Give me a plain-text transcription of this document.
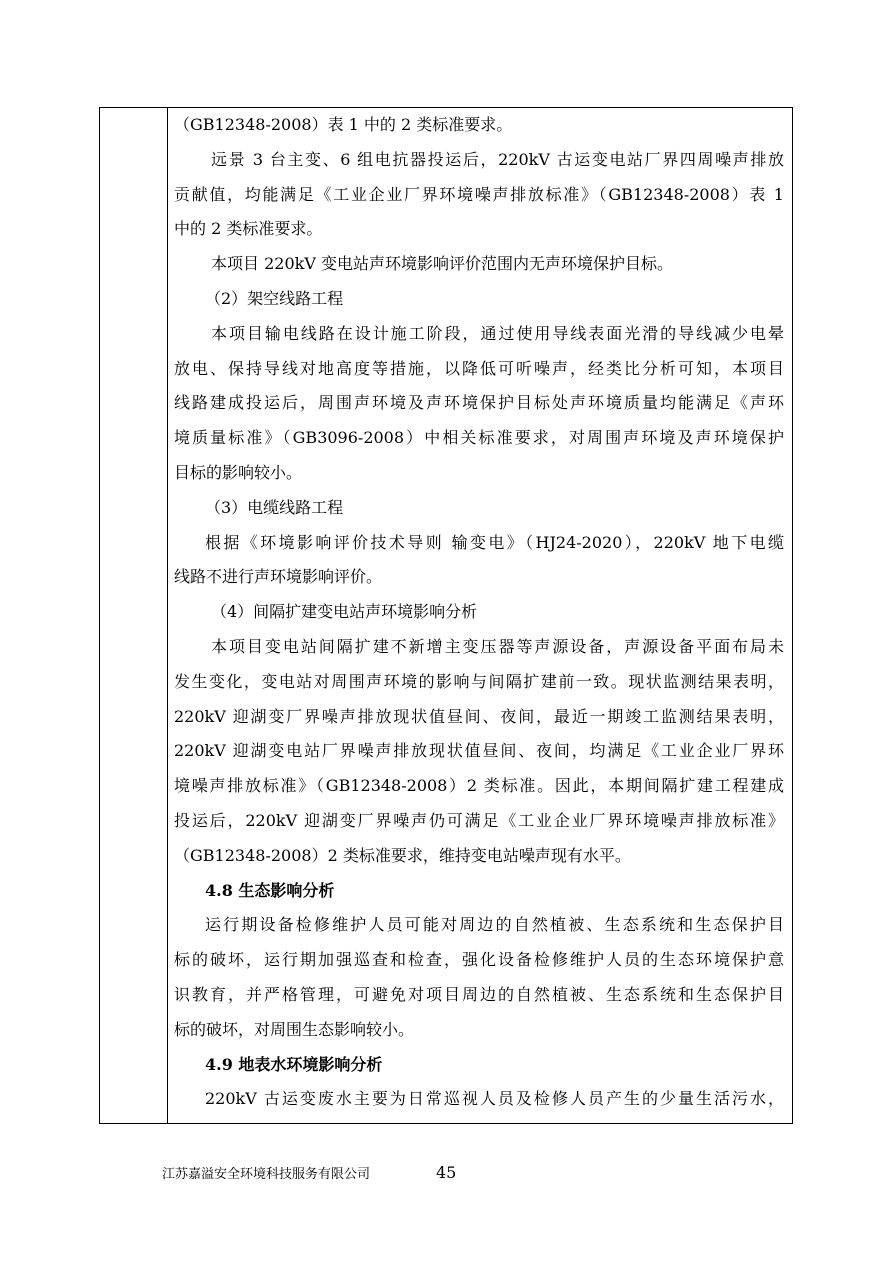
（GB12348-2008）表 1 中的 2 类标准要求。
远景 3 台主变、6 组电抗器投运后，220kV 古运变电站厂界四周噪声排放
贡献值，均能满足《工业企业厂界环境噪声排放标准》（GB12348-2008）表 1
中的 2 类标准要求。
本项目 220kV 变电站声环境影响评价范围内无声环境保护目标。
（2）架空线路工程
本项目输电线路在设计施工阶段，通过使用导线表面光滑的导线减少电晕
放电、保持导线对地高度等措施，以降低可听噪声，经类比分析可知，本项目
线路建成投运后，周围声环境及声环境保护目标处声环境质量均能满足《声环
境质量标准》（GB3096-2008）中相关标准要求，对周围声环境及声环境保护
目标的影响较小。
（3）电缆线路工程
根据《环境影响评价技术导则 输变电》（HJ24-2020），220kV 地下电缆
线路不进行声环境影响评价。
（4）间隔扩建变电站声环境影响分析
本项目变电站间隔扩建不新增主变压器等声源设备，声源设备平面布局未
发生变化，变电站对周围声环境的影响与间隔扩建前一致。现状监测结果表明，
220kV 迎湖变厂界噪声排放现状值昼间、夜间，最近一期竣工监测结果表明，
220kV 迎湖变电站厂界噪声排放现状值昼间、夜间，均满足《工业企业厂界环
境噪声排放标准》（GB12348-2008）2 类标准。因此，本期间隔扩建工程建成
投运后，220kV 迎湖变厂界噪声仍可满足《工业企业厂界环境噪声排放标准》
（GB12348-2008）2 类标准要求，维持变电站噪声现有水平。
4.8 生态影响分析
运行期设备检修维护人员可能对周边的自然植被、生态系统和生态保护目
标的破坏，运行期加强巡查和检查，强化设备检修维护人员的生态环境保护意
识教育，并严格管理，可避免对项目周边的自然植被、生态系统和生态保护目
标的破坏，对周围生态影响较小。
4.9 地表水环境影响分析
220kV 古运变废水主要为日常巡视人员及检修人员产生的少量生活污水，
江苏嘉溢安全环境科技服务有限公司	45
